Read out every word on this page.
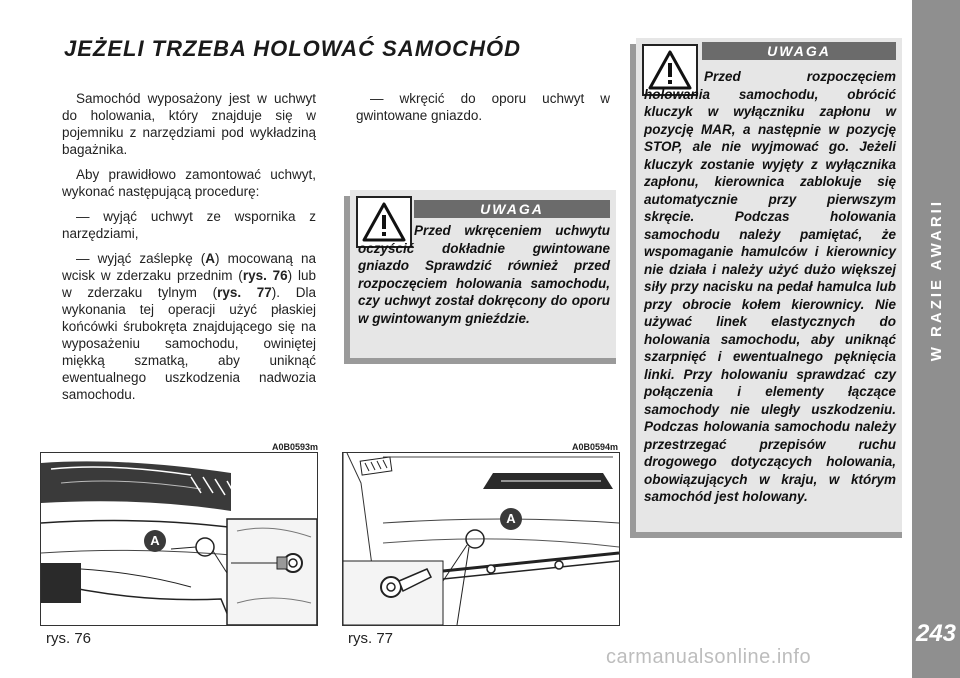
W RAZIE AWARII
243
JEŻELI TRZEBA HOLOWAĆ SAMOCHÓD

Samochód wyposażony jest w uchwyt do holowania, który znajduje się w pojemniku z narzędziami pod wykładziną bagażnika.

Aby prawidłowo zamontować uchwyt, wykonać następującą procedurę:

— wyjąć uchwyt ze wspornika z narzędziami,

— wyjąć zaślepkę (A) mocowaną na wcisk w zderzaku przednim (rys. 76) lub w zderzaku tylnym (rys. 77). Dla wykonania tej operacji użyć płaskiej końcówki śrubokręta znajdującego się na wyposażeniu samochodu, owiniętej miękką szmatką, aby uniknąć ewentualnego uszkodzenia nadwozia samochodu.

— wkręcić do oporu uchwyt w gwintowane gniazdo.

UWAGA
Przed wkręceniem uchwytu oczyścić dokładnie gwintowane gniazdo Sprawdzić również przed rozpoczęciem holowania samochodu, czy uchwyt został dokręcony do oporu w gwintowanym gnieździe.
UWAGA
Przed rozpoczęciem holowania samochodu, obrócić kluczyk w wyłączniku zapłonu w pozycję MAR, a następnie w pozycję STOP, ale nie wyjmować go. Jeżeli kluczyk zostanie wyjęty z wyłącznika zapłonu, kierownica zablokuje się automatycznie przy pierwszym skręcie. Podczas holowania samochodu należy pamiętać, że wspomaganie hamulców i kierownicy nie działa i należy użyć dużo większej siły przy nacisku na pedał hamulca lub przy obrocie kołem kierownicy. Nie używać linek elastycznych do holowania samochodu, aby uniknąć szarpnięć i ewentualnego pęknięcia linki. Przy holowaniu sprawdzać czy połączenia i elementy łączące samochody nie uległy uszkodzeniu. Podczas holowania samochodu należy przestrzegać przepisów ruchu drogowego dotyczących holowania, obowiązujących w kraju, w którym samochód jest holowany.
A0B0593m
A
rys. 76
A0B0594m
A
rys. 77
carmanualsonline.info
